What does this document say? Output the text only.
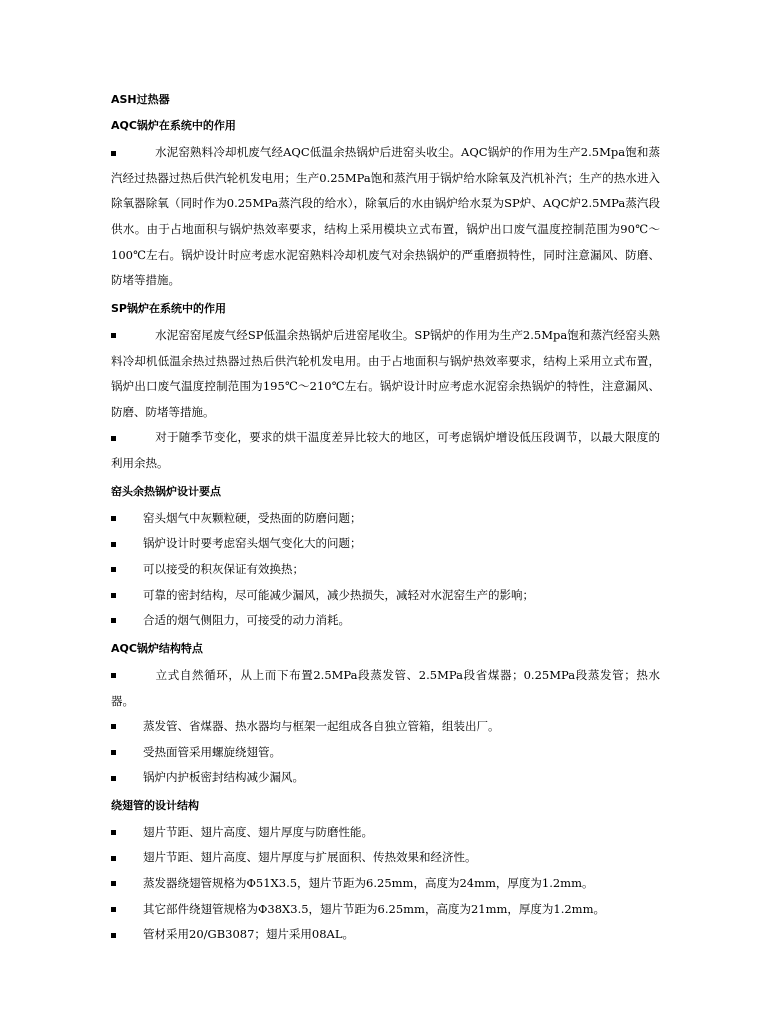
ASH过热器
AQC锅炉在系统中的作用

水泥窑熟料冷却机废气经AQC低温余热锅炉后进窑头收尘。AQC锅炉的作用为生产2.5Mpa饱和蒸汽经过热器过热后供汽轮机发电用；生产0.25MPa饱和蒸汽用于锅炉给水除氧及汽机补汽；生产的热水进入除氧器除氧（同时作为0.25MPa蒸汽段的给水），除氧后的水由锅炉给水泵为SP炉、AQC炉2.5MPa蒸汽段供水。由于占地面积与锅炉热效率要求，结构上采用模块立式布置，锅炉出口废气温度控制范围为90℃～100℃左右。锅炉设计时应考虑水泥窑熟料冷却机废气对余热锅炉的严重磨损特性，同时注意漏风、防磨、防堵等措施。

SP锅炉在系统中的作用

水泥窑窑尾废气经SP低温余热锅炉后进窑尾收尘。SP锅炉的作用为生产2.5Mpa饱和蒸汽经窑头熟料冷却机低温余热过热器过热后供汽轮机发电用。由于占地面积与锅炉热效率要求，结构上采用立式布置，锅炉出口废气温度控制范围为195℃～210℃左右。锅炉设计时应考虑水泥窑余热锅炉的特性，注意漏风、防磨、防堵等措施。

对于随季节变化，要求的烘干温度差异比较大的地区，可考虑锅炉增设低压段调节，以最大限度的利用余热。

窑头余热锅炉设计要点
窑头烟气中灰颗粒硬，受热面的防磨问题；
锅炉设计时要考虑窑头烟气变化大的问题；
可以接受的积灰保证有效换热；
可靠的密封结构，尽可能减少漏风，减少热损失，减轻对水泥窑生产的影响；
合适的烟气侧阻力，可接受的动力消耗。
AQC锅炉结构特点

立式自然循环，从上而下布置2.5MPa段蒸发管、2.5MPa段省煤器；0.25MPa段蒸发管；热水器。

蒸发管、省煤器、热水器均与框架一起组成各自独立管箱，组装出厂。
受热面管采用螺旋绕翅管。
锅炉内护板密封结构减少漏风。
绕翅管的设计结构
翅片节距、翅片高度、翅片厚度与防磨性能。
翅片节距、翅片高度、翅片厚度与扩展面积、传热效果和经济性。
蒸发器绕翅管规格为Φ51X3.5，翅片节距为6.25mm，高度为24mm，厚度为1.2mm。
其它部件绕翅管规格为Φ38X3.5，翅片节距为6.25mm，高度为21mm，厚度为1.2mm。
管材采用20/GB3087；翅片采用08AL。
